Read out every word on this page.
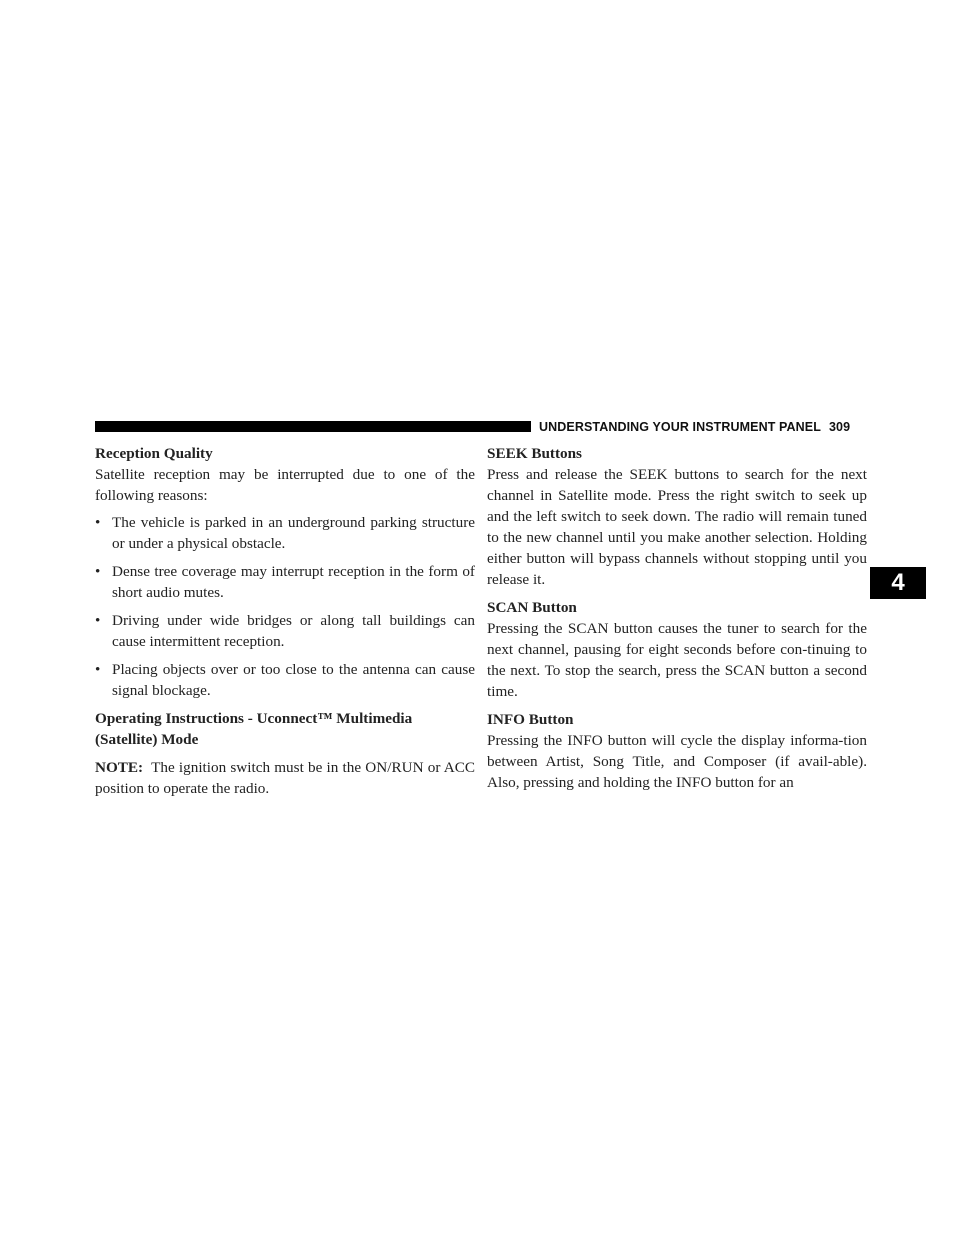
UNDERSTANDING YOUR INSTRUMENT PANEL 309
Reception Quality

Satellite reception may be interrupted due to one of the following reasons:

• The vehicle is parked in an underground parking structure or under a physical obstacle.
• Dense tree coverage may interrupt reception in the form of short audio mutes.
• Driving under wide bridges or along tall buildings can cause intermittent reception.
• Placing objects over or too close to the antenna can cause signal blockage.
Operating Instructions - Uconnect™ Multimedia (Satellite) Mode

NOTE: The ignition switch must be in the ON/RUN or ACC position to operate the radio.

SEEK Buttons

Press and release the SEEK buttons to search for the next channel in Satellite mode. Press the right switch to seek up and the left switch to seek down. The radio will remain tuned to the new channel until you make another selection. Holding either button will bypass channels without stopping until you release it.

SCAN Button

Pressing the SCAN button causes the tuner to search for the next channel, pausing for eight seconds before con-tinuing to the next. To stop the search, press the SCAN button a second time.

INFO Button

Pressing the INFO button will cycle the display informa-tion between Artist, Song Title, and Composer (if avail-able). Also, pressing and holding the INFO button for an

4
